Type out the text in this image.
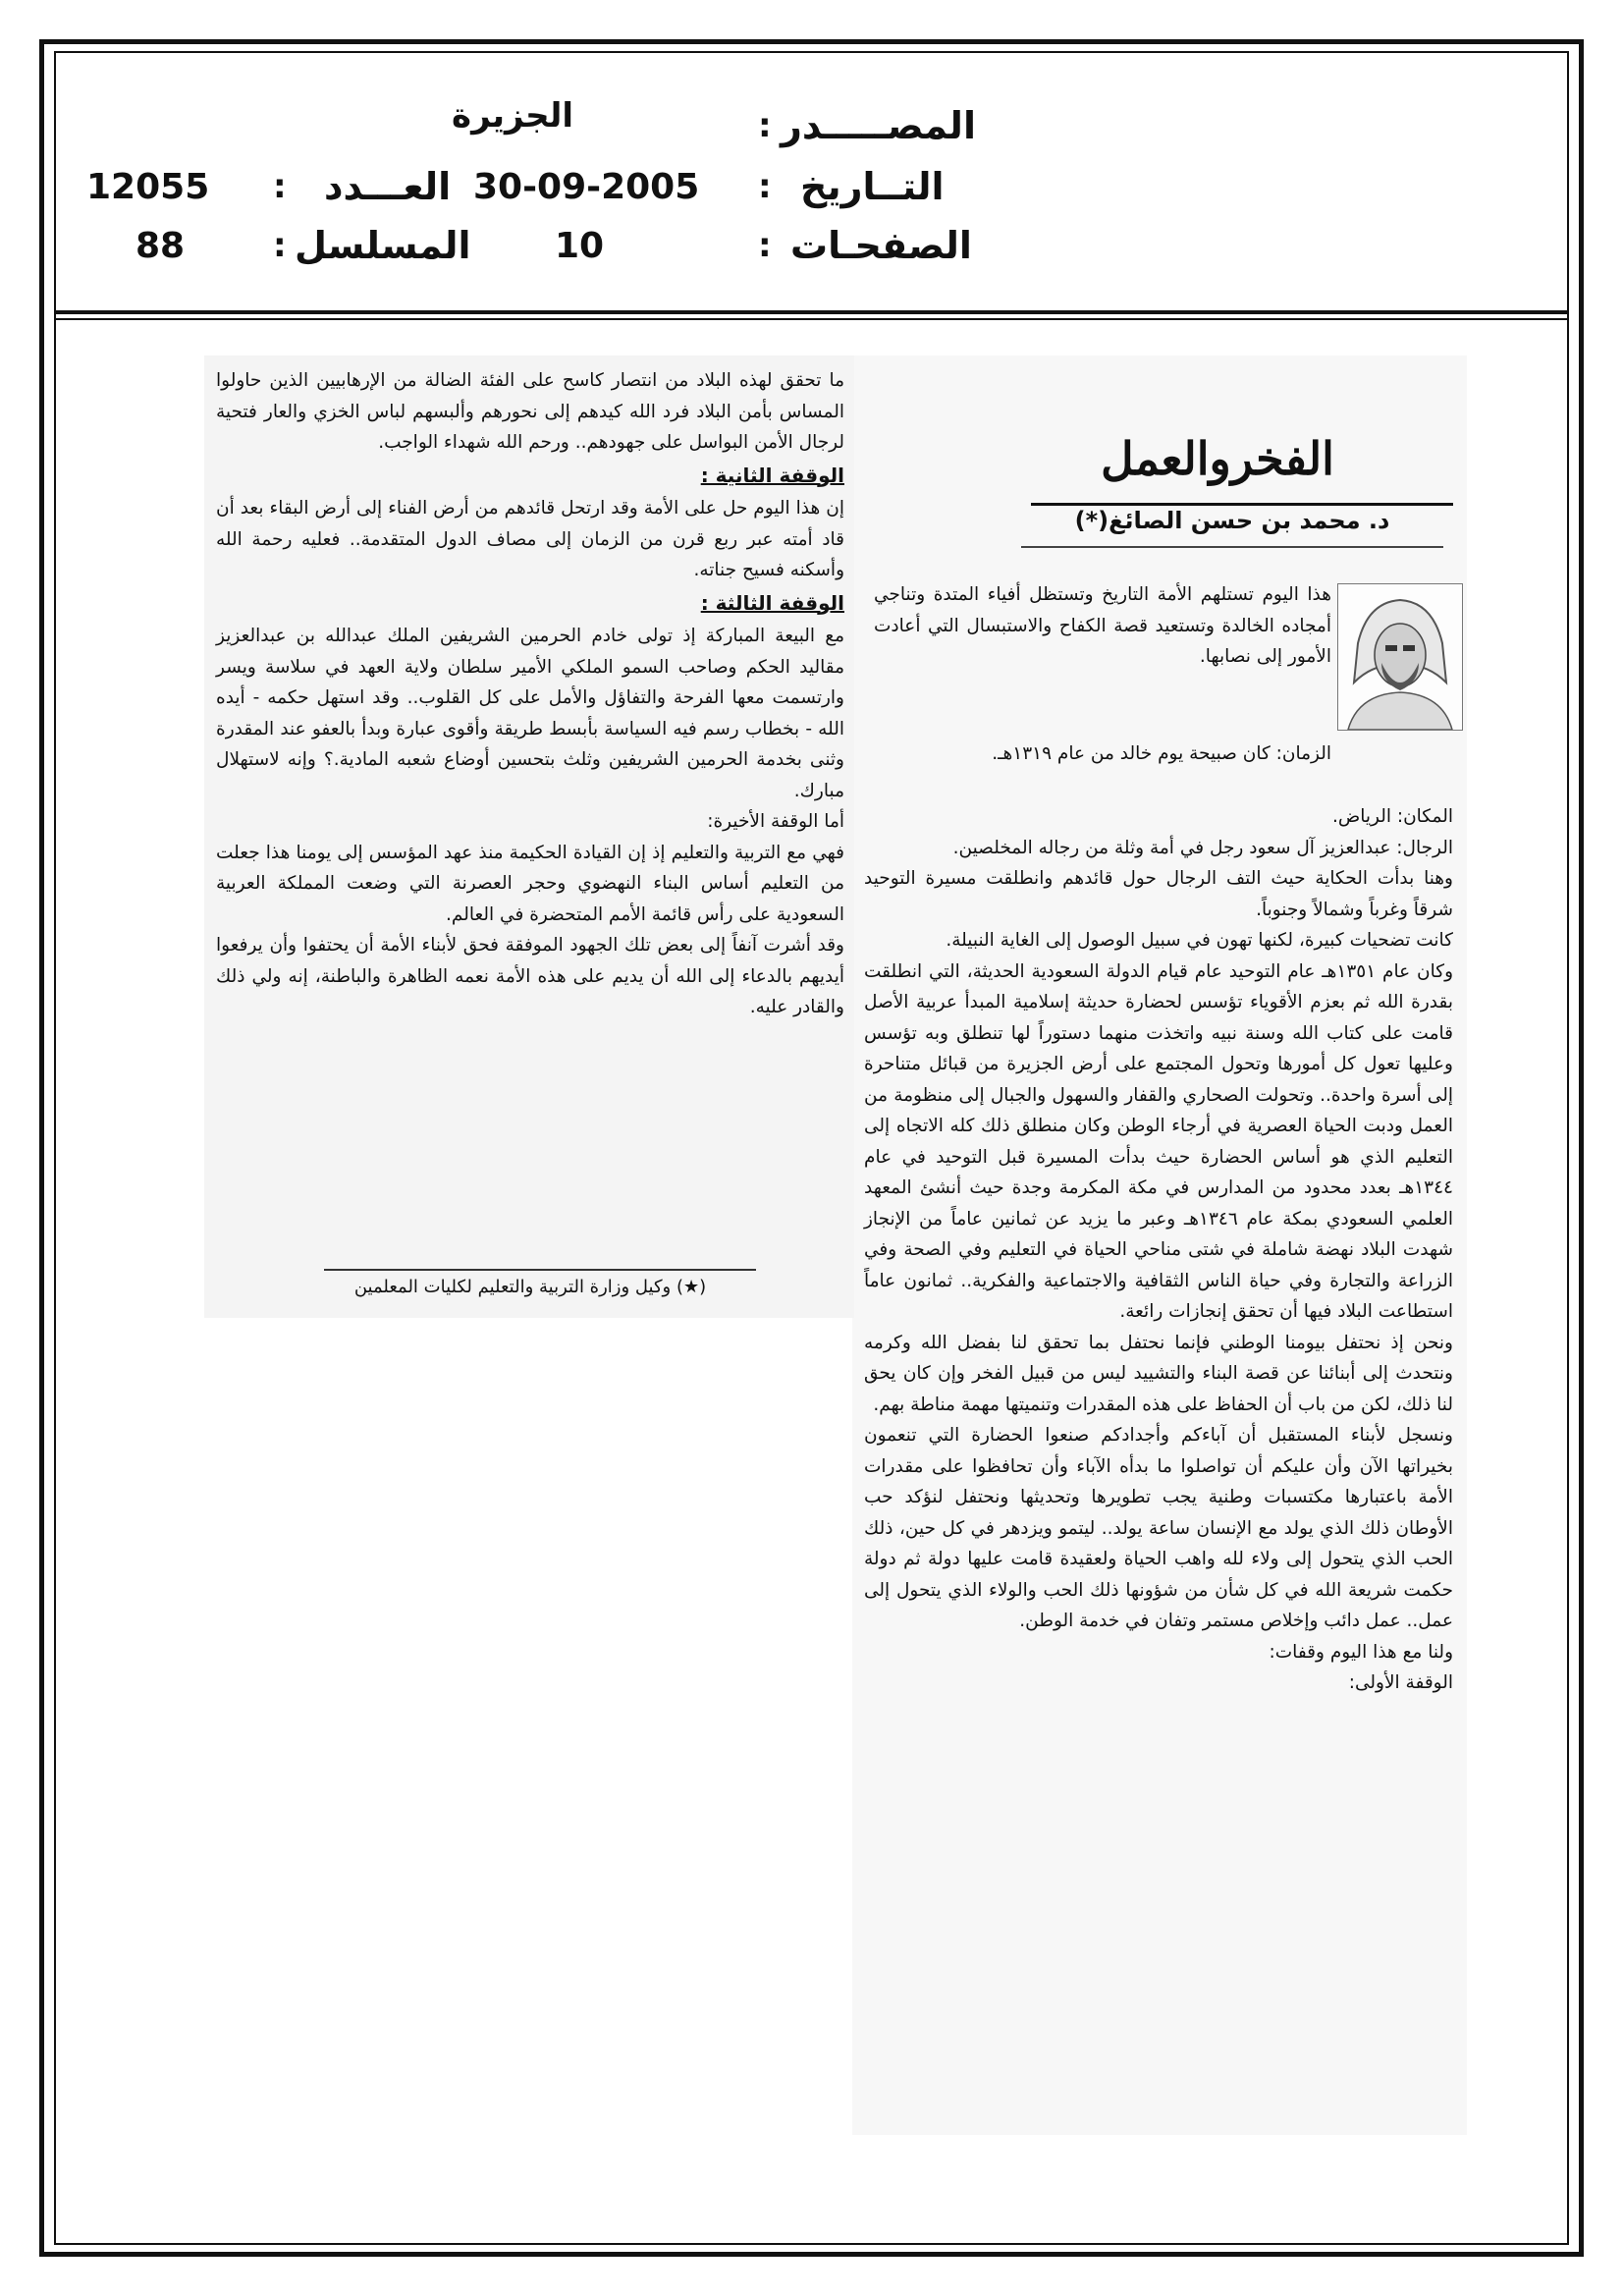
المصـــــدر
:
الجزيرة
التــاريخ
:
30-09-2005
العـــدد
:
12055
الصفحـات
:
10
المسلسل
:
88
الفخروالعمل
د. محمد بن حسن الصائغ(*)

هذا اليوم تستلهم الأمة التاريخ وتستظل أفياء المتدة وتناجي أمجاده الخالدة وتستعيد قصة الكفاح والاستبسال التي أعادت الأمور إلى نصابها.

الزمان: كان صبيحة يوم خالد من عام ١٣١٩هـ.

المكان: الرياض.

الرجال: عبدالعزيز آل سعود رجل في أمة وثلة من رجاله المخلصين.

وهنا بدأت الحكاية حيث التف الرجال حول قائدهم وانطلقت مسيرة التوحيد شرقاً وغرباً وشمالاً وجنوباً.

كانت تضحيات كبيرة، لكنها تهون في سبيل الوصول إلى الغاية النبيلة.

وكان عام ١٣٥١هـ عام التوحيد عام قيام الدولة السعودية الحديثة، التي انطلقت بقدرة الله ثم بعزم الأقوياء تؤسس لحضارة حديثة إسلامية المبدأ عربية الأصل قامت على كتاب الله وسنة نبيه واتخذت منهما دستوراً لها تنطلق وبه تؤسس وعليها تعول كل أمورها وتحول المجتمع على أرض الجزيرة من قبائل متناحرة إلى أسرة واحدة.. وتحولت الصحاري والقفار والسهول والجبال إلى منظومة من العمل ودبت الحياة العصرية في أرجاء الوطن وكان منطلق ذلك كله الاتجاه إلى التعليم الذي هو أساس الحضارة حيث بدأت المسيرة قبل التوحيد في عام ١٣٤٤هـ بعدد محدود من المدارس في مكة المكرمة وجدة حيث أنشئ المعهد العلمي السعودي بمكة عام ١٣٤٦هـ وعبر ما يزيد عن ثمانين عاماً من الإنجاز شهدت البلاد نهضة شاملة في شتى مناحي الحياة في التعليم وفي الصحة وفي الزراعة والتجارة وفي حياة الناس الثقافية والاجتماعية والفكرية.. ثمانون عاماً استطاعت البلاد فيها أن تحقق إنجازات رائعة.

ونحن إذ نحتفل بيومنا الوطني فإنما نحتفل بما تحقق لنا بفضل الله وكرمه ونتحدث إلى أبنائنا عن قصة البناء والتشييد ليس من قبيل الفخر وإن كان يحق لنا ذلك، لكن من باب أن الحفاظ على هذه المقدرات وتنميتها مهمة مناطة بهم.

ونسجل لأبناء المستقبل أن آباءكم وأجدادكم صنعوا الحضارة التي تنعمون بخيراتها الآن وأن عليكم أن تواصلوا ما بدأه الآباء وأن تحافظوا على مقدرات الأمة باعتبارها مكتسبات وطنية يجب تطويرها وتحديثها ونحتفل لنؤكد حب الأوطان ذلك الذي يولد مع الإنسان ساعة يولد.. ليتمو ويزدهر في كل حين، ذلك الحب الذي يتحول إلى ولاء لله واهب الحياة ولعقيدة قامت عليها دولة ثم دولة حكمت شريعة الله في كل شأن من شؤونها ذلك الحب والولاء الذي يتحول إلى عمل.. عمل دائب وإخلاص مستمر وتفان في خدمة الوطن.

ولنا مع هذا اليوم وقفات:

الوقفة الأولى:

ما تحقق لهذه البلاد من انتصار كاسح على الفئة الضالة من الإرهابيين الذين حاولوا المساس بأمن البلاد فرد الله كيدهم إلى نحورهم وألبسهم لباس الخزي والعار فتحية لرجال الأمن البواسل على جهودهم.. ورحم الله شهداء الواجب.

الوقفة الثانية :

إن هذا اليوم حل على الأمة وقد ارتحل قائدهم من أرض الفناء إلى أرض البقاء بعد أن قاد أمته عبر ربع قرن من الزمان إلى مصاف الدول المتقدمة.. فعليه رحمة الله وأسكنه فسيح جناته.

الوقفة الثالثة :

مع البيعة المباركة إذ تولى خادم الحرمين الشريفين الملك عبدالله بن عبدالعزيز مقاليد الحكم وصاحب السمو الملكي الأمير سلطان ولاية العهد في سلاسة ويسر وارتسمت معها الفرحة والتفاؤل والأمل على كل القلوب.. وقد استهل حكمه - أيده الله - بخطاب رسم فيه السياسة بأبسط طريقة وأقوى عبارة وبدأ بالعفو عند المقدرة وثنى بخدمة الحرمين الشريفين وثلث بتحسين أوضاع شعبه المادية.؟ وإنه لاستهلال مبارك.

أما الوقفة الأخيرة:

فهي مع التربية والتعليم إذ إن القيادة الحكيمة منذ عهد المؤسس إلى يومنا هذا جعلت من التعليم أساس البناء النهضوي وحجر العصرنة التي وضعت المملكة العربية السعودية على رأس قائمة الأمم المتحضرة في العالم.

وقد أشرت آنفاً إلى بعض تلك الجهود الموفقة فحق لأبناء الأمة أن يحتفوا وأن يرفعوا أيديهم بالدعاء إلى الله أن يديم على هذه الأمة نعمه الظاهرة والباطنة، إنه ولي ذلك والقادر عليه.

(★) وكيل وزارة التربية والتعليم لكليات المعلمين
